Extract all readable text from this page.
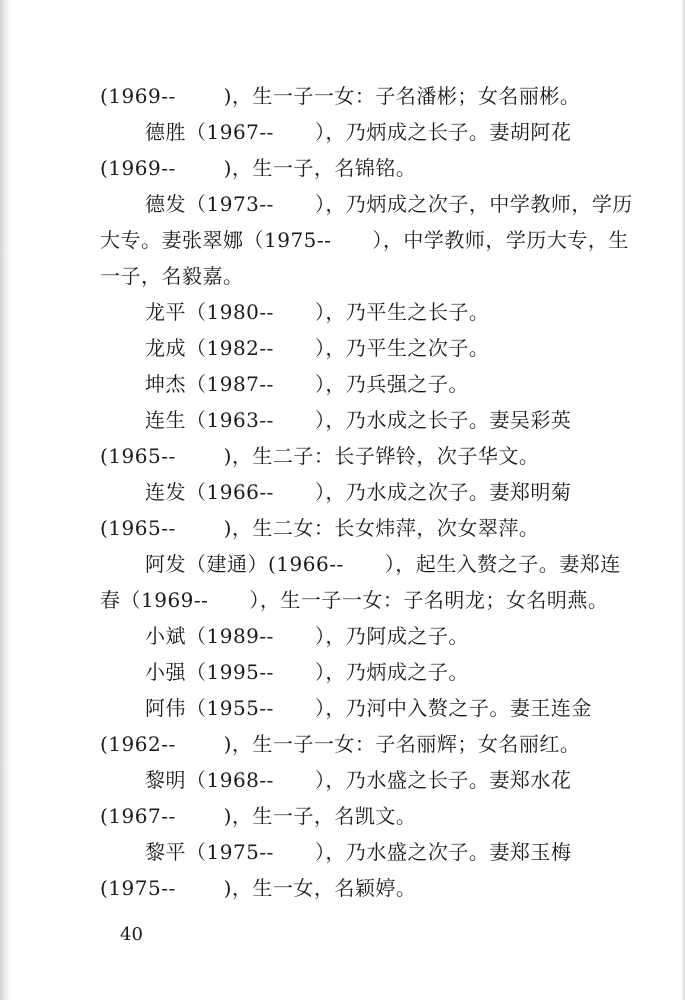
(1969--　　 )，生一子一女：子名潘彬；女名丽彬。
德胜（1967--　　），乃炳成之长子。妻胡阿花
(1969--　　 )，生一子，名锦铭。
德发（1973--　　），乃炳成之次子，中学教师，学历
大专。妻张翠娜（1975--　　），中学教师，学历大专，生
一子，名毅嘉。
龙平（1980--　　），乃平生之长子。
龙成（1982--　　），乃平生之次子。
坤杰（1987--　　），乃兵强之子。
连生（1963--　　），乃水成之长子。妻吴彩英
(1965--　　 )，生二子：长子铧铃，次子华文。
连发（1966--　　），乃水成之次子。妻郑明菊
(1965--　　 )，生二女：长女炜萍，次女翠萍。
阿发（建通）(1966--　　），起生入赘之子。妻郑连
春（1969--　　），生一子一女：子名明龙；女名明燕。
小斌（1989--　　），乃阿成之子。
小强（1995--　　），乃炳成之子。
阿伟（1955--　　），乃河中入赘之子。妻王连金
(1962--　　 )，生一子一女：子名丽辉；女名丽红。
黎明（1968--　　），乃水盛之长子。妻郑水花
(1967--　　 )，生一子，名凯文。
黎平（1975--　　），乃水盛之次子。妻郑玉梅
(1975--　　 )，生一女，名颖婷。
40
